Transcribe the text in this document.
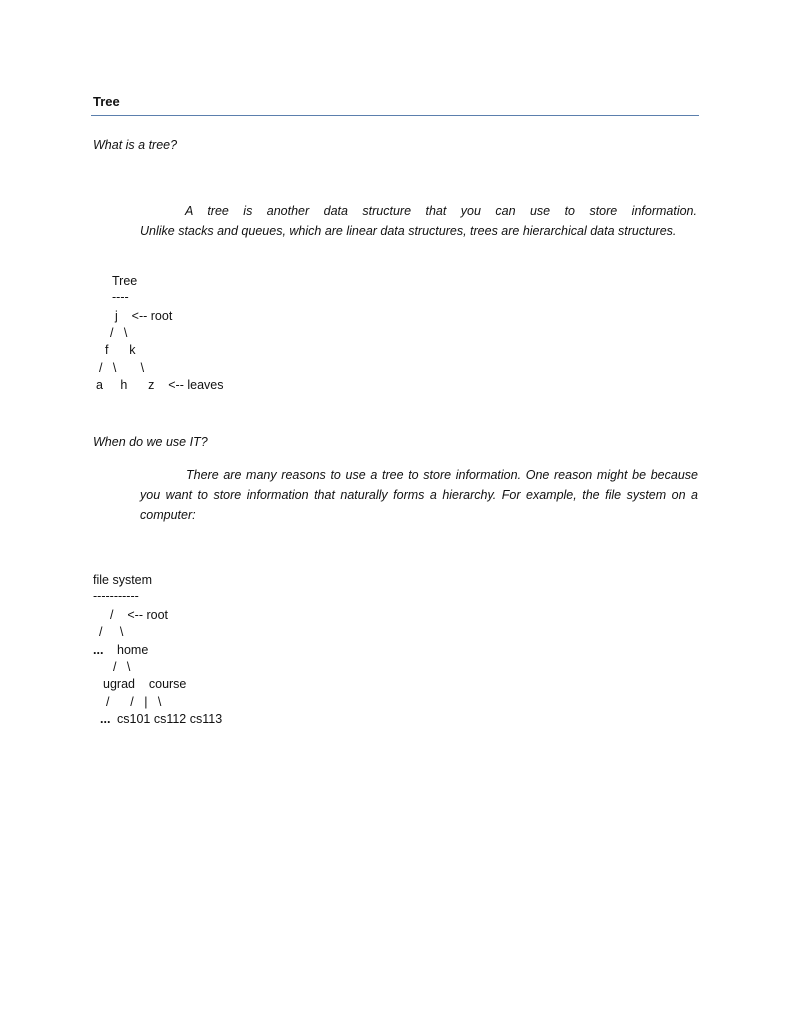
Tree
What is a tree?
A tree is another data structure that you can use to store information.
Unlike stacks and queues, which are linear data structures, trees are hierarchical data structures.
Tree
----
j    <-- root
/   \
f      k
/   \       \
a     h      z    <-- leaves
When do we use IT?
There are many reasons to use a tree to store information. One reason might be because
you want to store information that naturally forms a hierarchy. For example, the file system on a
computer:
file system
-----------
/    <-- root
/     \
... home
/   \
ugrad    course
/      /   |   \
... cs101 cs112 cs113
